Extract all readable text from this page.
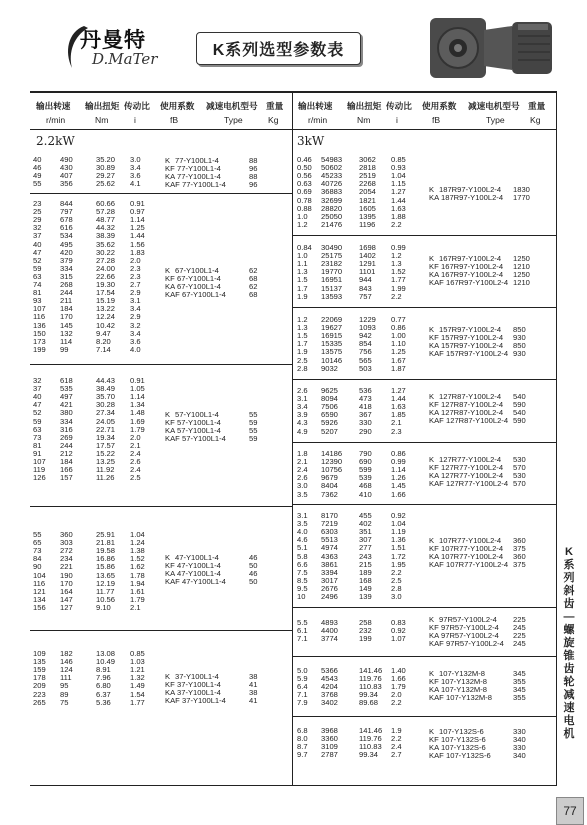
丹曼特
D.MaTer	K系列选型参数表
输出转速
r/min
输出扭矩
Nm
传动比
i
使用系数
fB
减速电机型号
Type
重量
Kg
输出转速
r/min
输出扭矩
Nm
传动比
i
使用系数
fB
减速电机型号
Type
重量
Kg
2.2kW	3kW
40 490	35.20 3.0
46 430	30.89 3.4
49 407	29.27 3.6
55 356	25.62 4.1
K 77-Y100L1-4	88
KF 77-Y100L1-4	96
KA 77-Y100L1-4	88
KAF 77-Y100L1-4	96
23 844	60.66 0.91
25 797	57.28 0.97
29 678	48.77 1.14
32 616	44.32 1.25
37 534	38.39 1.44
40 495	35.62 1.56
47 420	30.22 1.83
52 379	27.28 2.0
59 334	24.00 2.3
63 315	22.66 2.3
74 268	19.30 2.7
81 244	17.54 2.9
93 211	15.19 3.1
107 184	13.22 3.4
116 170	12.24 2.9
136 145	10.42 3.2
150 132	9.47	3.4
173 114	8.20	3.6
199 99	7.14	4.0
K 67-Y100L1-4	62
KF 67-Y100L1-4	68
KA 67-Y100L1-4	62
KAF 67-Y100L1-4	68
32 618	44.43 0.91
37 535	38.49 1.05
40 497	35.70 1.14
47 421	30.28 1.34
52 380	27.34 1.48
59 334	24.05 1.69
63 316	22.71 1.79
73 269	19.34 2.0
81 244	17.57 2.1
91 212	15.22 2.4
107 184	13.25 2.6
119 166	11.92 2.4
126 157	11.26 2.5
K 57-Y100L1-4	55
KF 57-Y100L1-4	59
KA 57-Y100L1-4	55
KAF 57-Y100L1-4	59
55 360	25.91 1.04
65 303	21.81 1.24
73 272	19.58 1.38
84 234	16.86 1.52
90 221	15.86 1.62
104 190	13.65 1.78
116 170	12.19 1.94
121 164	11.77 1.61
134 147	10.56 1.79
156 127	9.10	2.1
K 47-Y100L1-4	46
KF 47-Y100L1-4	50
KA 47-Y100L1-4	46
KAF 47-Y100L1-4	50
109 182	13.08 0.85
135 146	10.49 1.03
159 124	8.91	1.21
178 111	7.96	1.32
209 95	6.80	1.49
223 89	6.37	1.54
265 75	5.36	1.77
K 37-Y100L1-4	38
KF 37-Y100L1-4	41
KA 37-Y100L1-4	38
KAF 37-Y100L1-4	41
0.46 54983 3062 0.85
0.50 50602 2818 0.93
0.56 45233 2519 1.04
0.63 40726 2268 1.15
0.69 36883 2054 1.27
0.78 32699 1821 1.44
0.88 28820 1605 1.63
1.0 25050 1395 1.88
1.2 21476 1196 2.2
K 187R97-Y100L2-4 1830
KA 187R97-Y100L2-4 1770
0.84 30490 1698 0.99
1.0 25175 1402 1.2
1.1 23182 1291 1.3
1.3 19770 1101 1.52
1.5 16951 944	1.77
1.7 15137 843	1.99
1.9 13593 757	2.2
K 167R97-Y100L2-4 1250
KF 167R97-Y100L2-4 1210
KA 167R97-Y100L2-4 1250
KAF 167R97-Y100L2-4 1210
1.2 22069 1229 0.77
1.3 19627 1093 0.86
1.5 16915 942	1.00
1.7 15335 854	1.10
1.9 13575 756	1.25
2.5 10146 565	1.67
2.8 9032	503	1.87
K 157R97-Y100L2-4 850
KF 157R97-Y100L2-4 930
KA 157R97-Y100L2-4 850
KAF 157R97-Y100L2-4 930
2.6 9625	536	1.27
3.1 8094	473	1.44
3.4 7506	418	1.63
3.9 6590	367	1.85
4.3 5926	330	2.1
4.9 5207	290	2.3
K 127R87-Y100L2-4 540
KF 127R87-Y100L2-4 590
KA 127R87-Y100L2-4 540
KAF 127R87-Y100L2-4 590
1.8 14186 790	0.86
2.1 12390 690	0.99
2.4 10756 599	1.14
2.6 9679	539	1.26
3.0 8404	468	1.45
3.5 7362	410	1.66
K 127R77-Y100L2-4 530
KF 127R77-Y100L2-4 570
KA 127R77-Y100L2-4 530
KAF 127R77-Y100L2-4 570
3.1 8170	455	0.92
3.5 7219	402	1.04
4.0 6303	351	1.19
4.6 5513	307	1.36
5.1 4974	277	1.51
5.8 4363	243	1.72
6.6 3861	215	1.95
7.5 3394	189	2.2
8.5 3017	168	2.5
9.5 2676	149	2.8
10 2496	139	3.0
K 107R77-Y100L2-4 360
KF 107R77-Y100L2-4 375
KA 107R77-Y100L2-4 360
KAF 107R77-Y100L2-4 375
5.5 4893	258	0.83
6.1 4400	232	0.92
7.1 3774	199	1.07
K 97R57-Y100L2-4 225
KF 97R57-Y100L2-4 245
KA 97R57-Y100L2-4 225
KAF 97R57-Y100L2-4 245
5.0 5366	141.46 1.40
5.9 4543	119.76 1.66
6.4 4204	110.83 1.79
7.1 3768	99.34 2.0
7.9 3402	89.68 2.2
K 107-Y132M-8	345
KF 107-Y132M-8	355
KA 107-Y132M-8	345
KAF 107-Y132M-8	355
6.8 3968	141.46 1.9
8.0 3360	119.76 2.2
8.7 3109	110.83 2.4
9.7 2787	99.34 2.7
K 107-Y132S-6	330
KF 107-Y132S-6	340
KA 107-Y132S-6	330
KAF 107-Y132S-6	340
K
系
列
斜
齿
—
螺
旋
锥
齿
轮
减
速
电
机
77
